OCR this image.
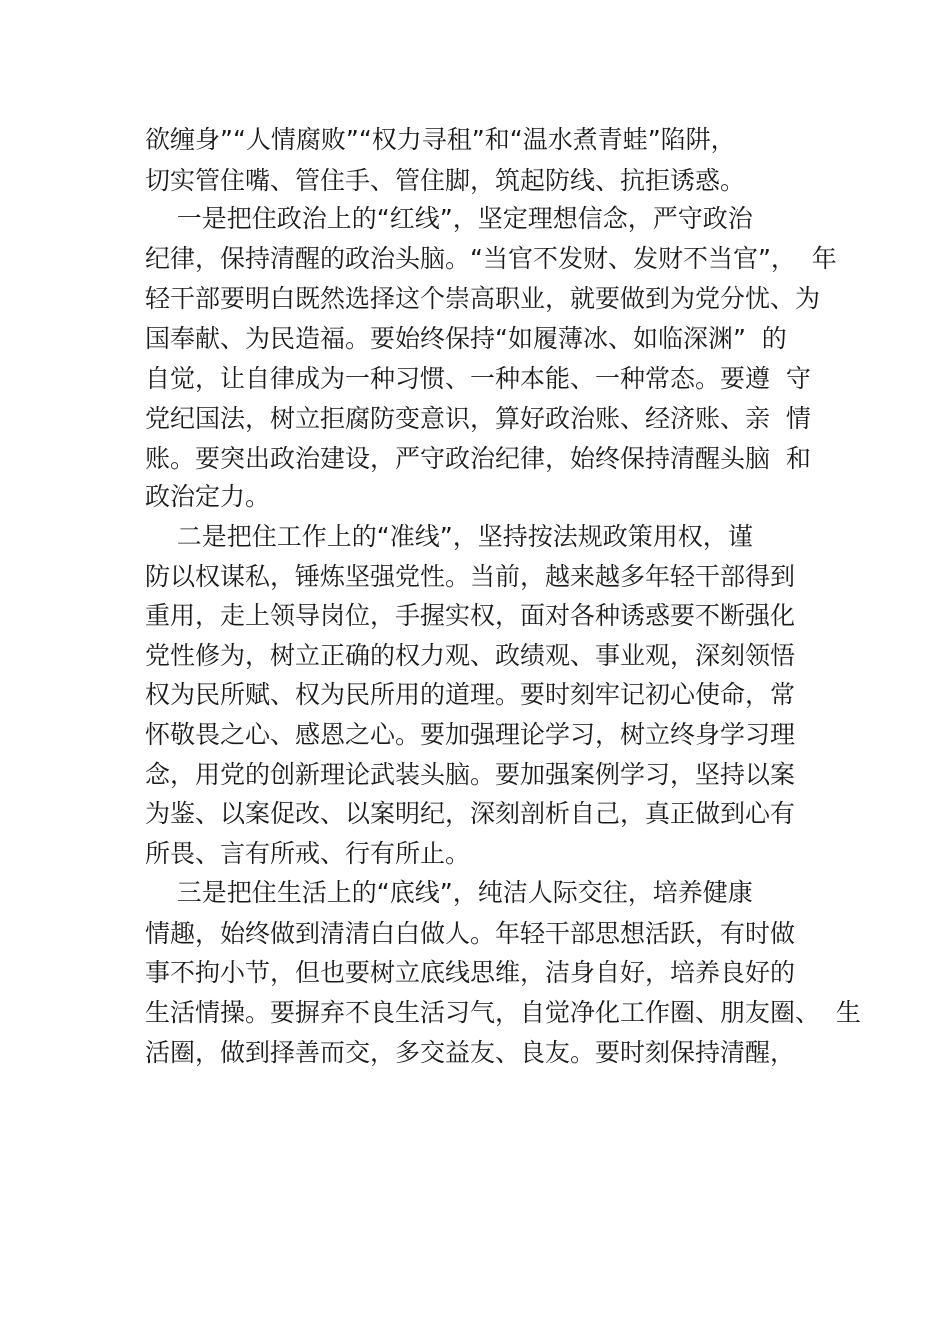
欲缠身”“人情腐败”“权力寻租”和“温水煮青蛙”陷阱，
切实管住嘴、管住手、管住脚，筑起防线、抗拒诱惑。
一是把住政治上的“红线”，坚定理想信念，严守政治
纪律，保持清醒的政治头脑。“当官不发财、发财不当官”，  年
轻干部要明白既然选择这个崇高职业，就要做到为党分忧、为
国奉献、为民造福。要始终保持“如履薄冰、如临深渊”  的
自觉，让自律成为一种习惯、一种本能、一种常态。要遵  守
党纪国法，树立拒腐防变意识，算好政治账、经济账、亲  情
账。要突出政治建设，严守政治纪律，始终保持清醒头脑  和
政治定力。
二是把住工作上的“准线”，坚持按法规政策用权，谨
防以权谋私，锤炼坚强党性。当前，越来越多年轻干部得到
重用，走上领导岗位，手握实权，面对各种诱惑要不断强化
党性修为，树立正确的权力观、政绩观、事业观，深刻领悟
权为民所赋、权为民所用的道理。要时刻牢记初心使命，常
怀敬畏之心、感恩之心。要加强理论学习，树立终身学习理
念，用党的创新理论武装头脑。要加强案例学习，坚持以案
为鉴、以案促改、以案明纪，深刻剖析自己，真正做到心有
所畏、言有所戒、行有所止。
三是把住生活上的“底线”，纯洁人际交往，培养健康
情趣，始终做到清清白白做人。年轻干部思想活跃，有时做
事不拘小节，但也要树立底线思维，洁身自好，培养良好的
生活情操。要摒弃不良生活习气，自觉净化工作圈、朋友圈、  生
活圈，做到择善而交，多交益友、良友。要时刻保持清醒，
